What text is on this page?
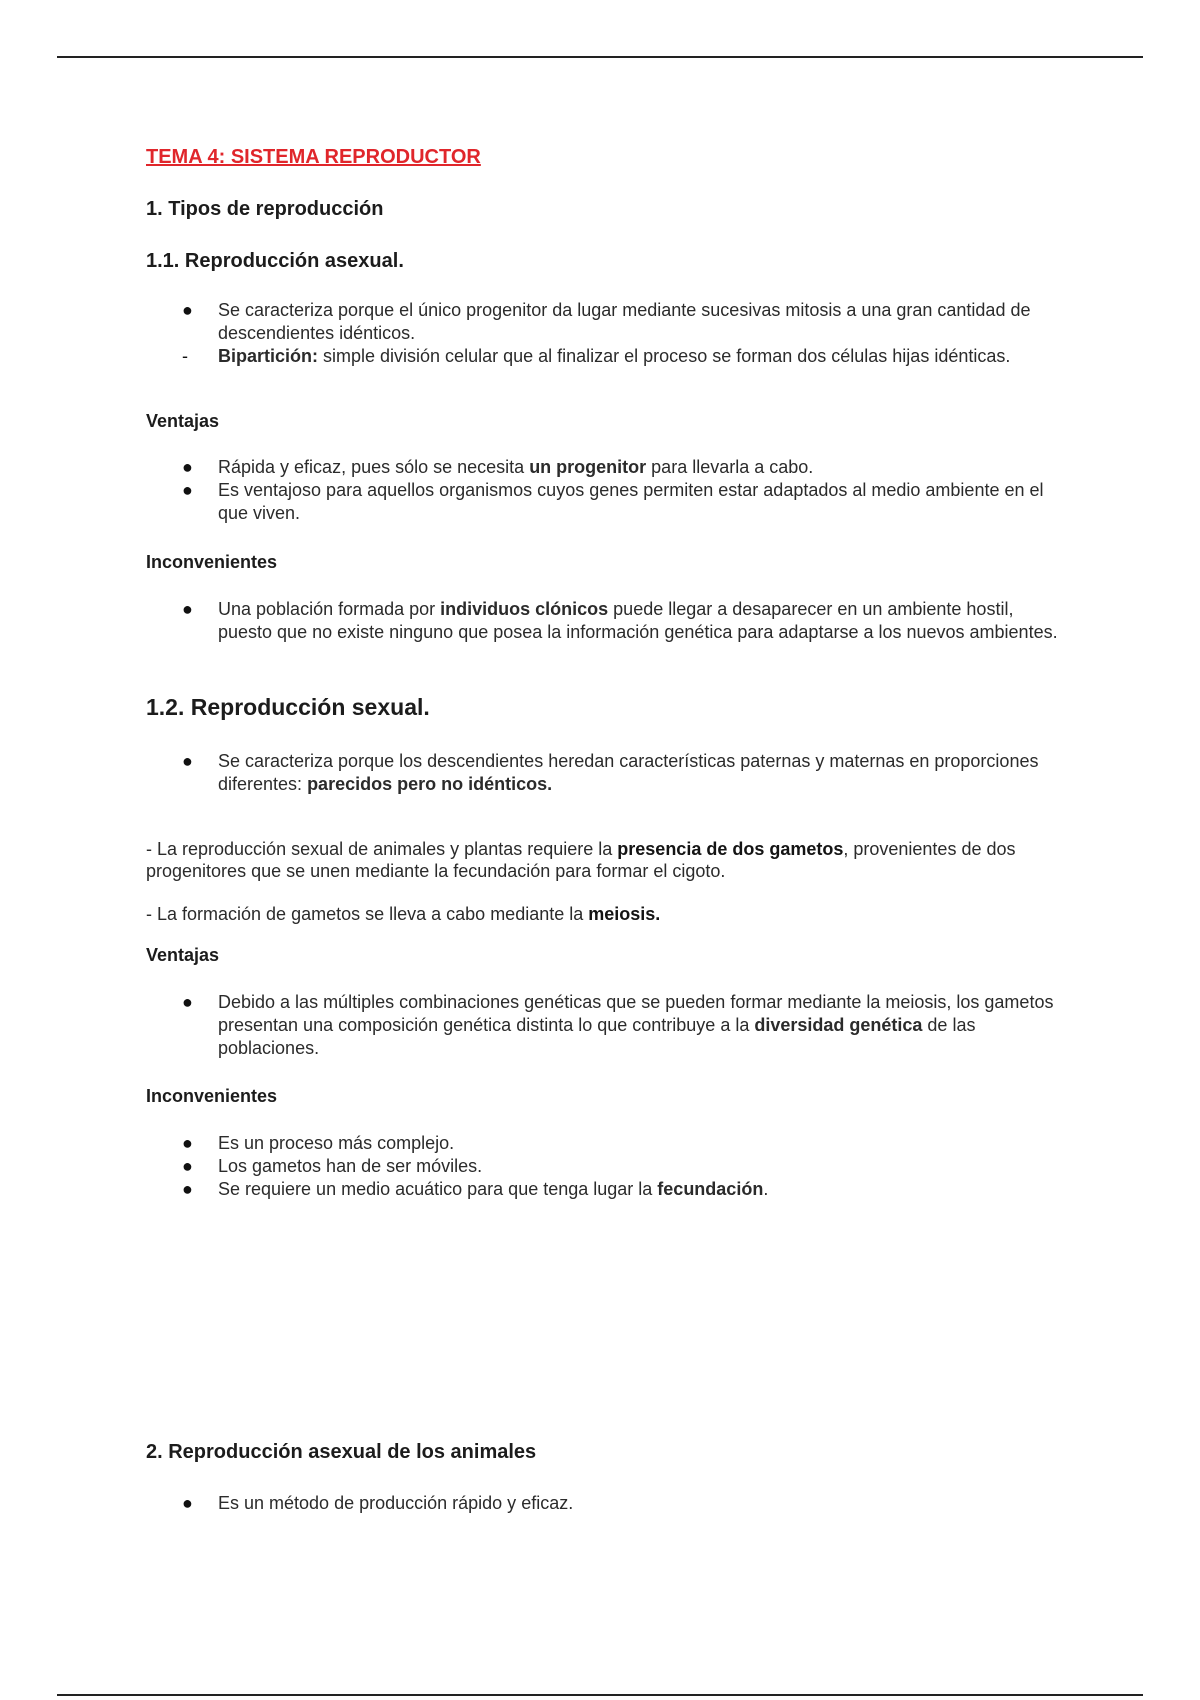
TEMA 4: SISTEMA REPRODUCTOR
1. Tipos de reproducción
1.1. Reproducción asexual.
●	Se caracteriza porque el único progenitor da lugar mediante sucesivas mitosis a una gran cantidad de descendientes idénticos.
-	Bipartición: simple división celular que al finalizar el proceso se forman dos células hijas idénticas.
Ventajas
●	Rápida y eficaz, pues sólo se necesita un progenitor para llevarla a cabo.
●	Es ventajoso para aquellos organismos cuyos genes permiten estar adaptados al medio ambiente en el que viven.
Inconvenientes
●	Una población formada por individuos clónicos puede llegar a desaparecer en un ambiente hostil, puesto que no existe ninguno que posea la información genética para adaptarse a los nuevos ambientes.
1.2. Reproducción sexual.
●	Se caracteriza porque los descendientes heredan características paternas y maternas en proporciones diferentes: parecidos pero no idénticos.
- La reproducción sexual de animales y plantas requiere la presencia de dos gametos, provenientes de dos progenitores que se unen mediante la fecundación para formar el cigoto.
- La formación de gametos se lleva a cabo mediante la meiosis.
Ventajas
●	Debido a las múltiples combinaciones genéticas que se pueden formar mediante la meiosis, los gametos presentan una composición genética distinta lo que contribuye a la diversidad genética de las poblaciones.
Inconvenientes
●	Es un proceso más complejo.
●	Los gametos han de ser móviles.
●	Se requiere un medio acuático para que tenga lugar la fecundación.
2. Reproducción asexual de los animales
●	Es un método de producción rápido y eficaz.
